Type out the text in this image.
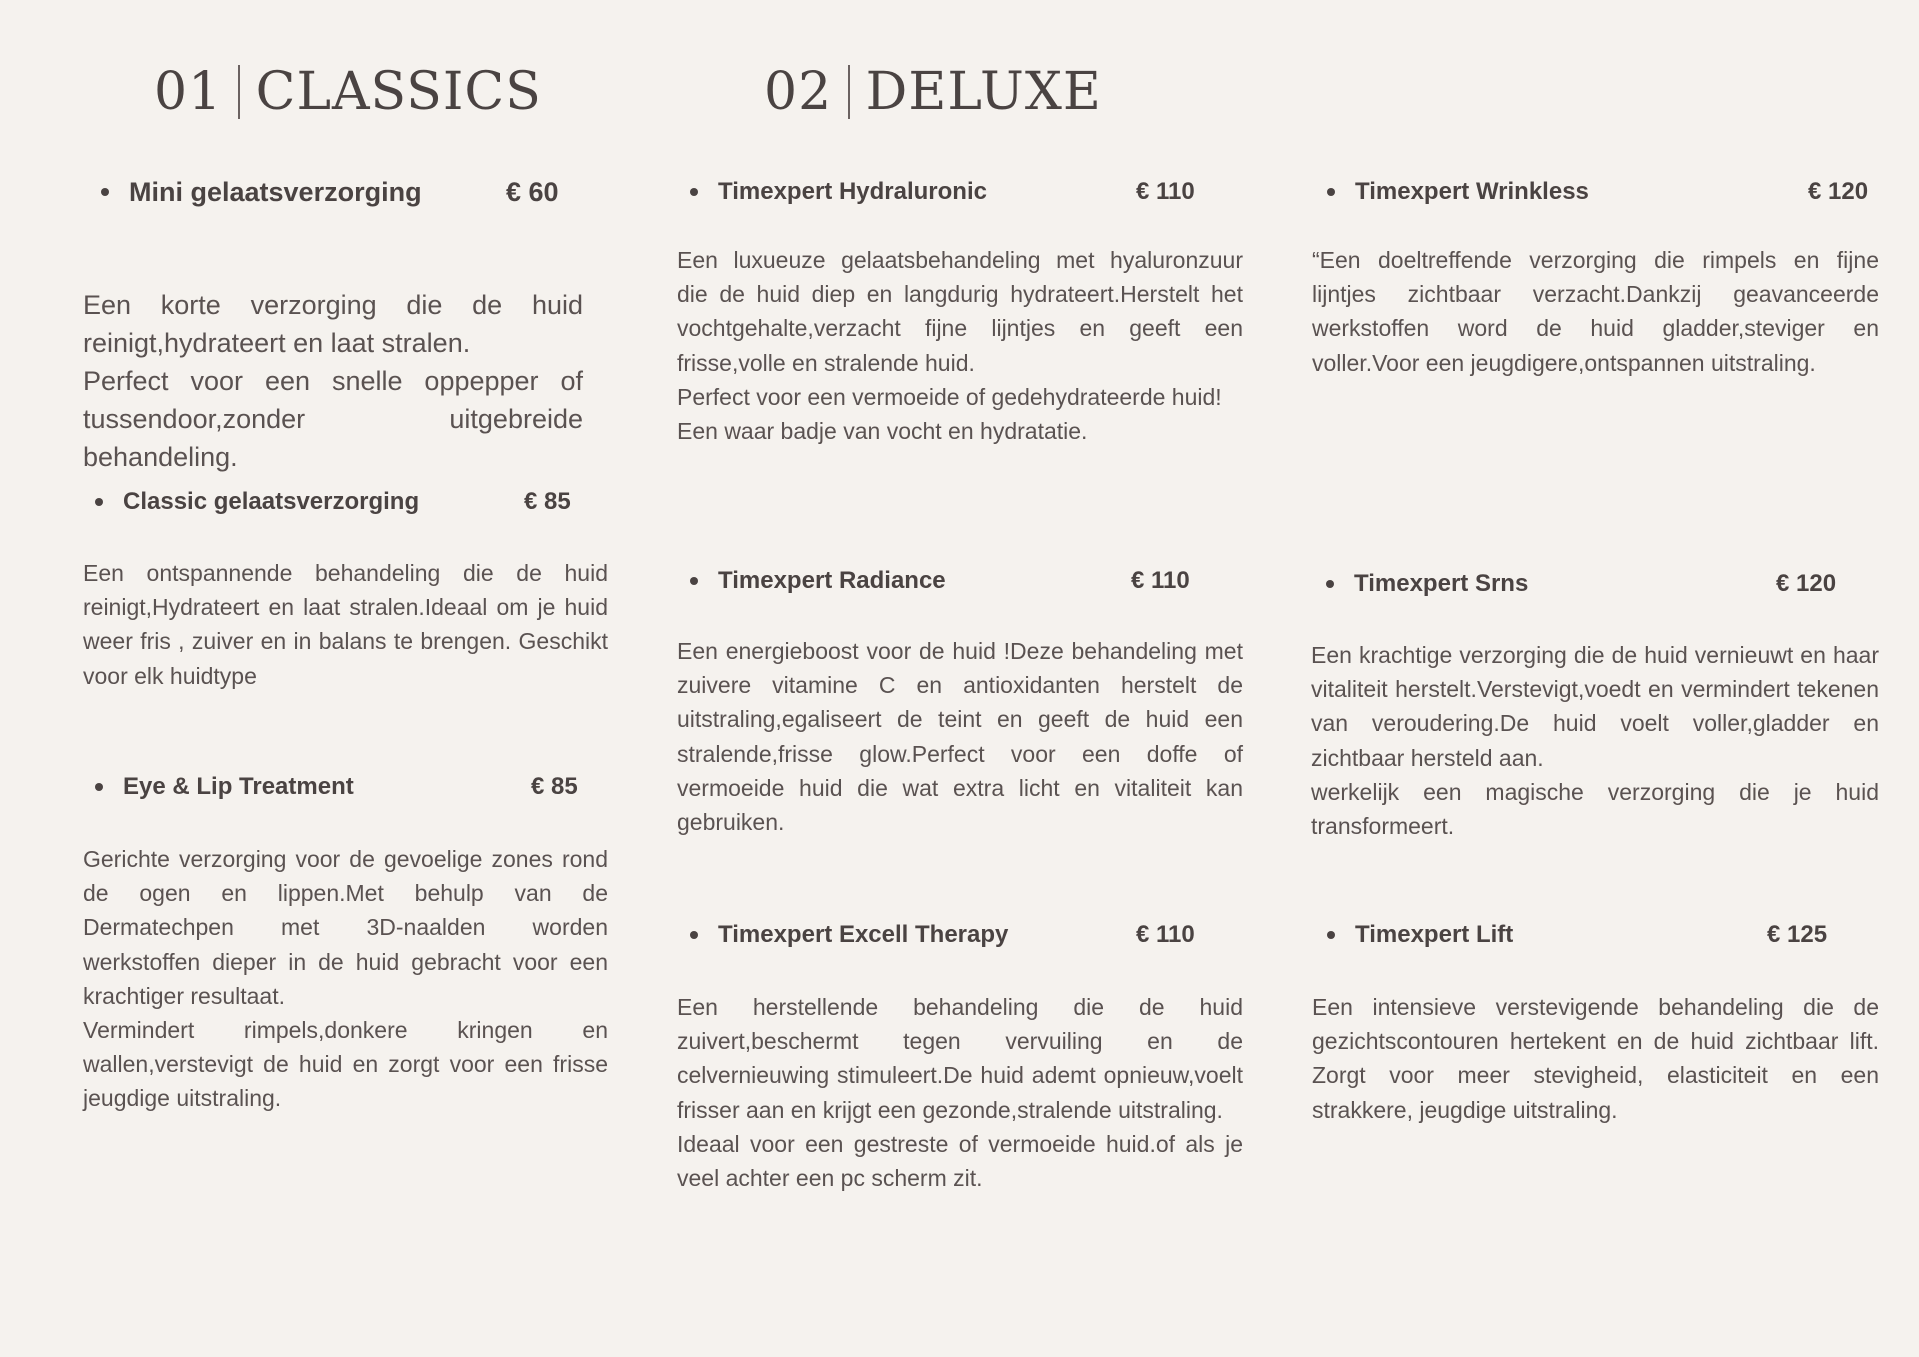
01 CLASSICS	02 DELUXE
Mini gelaatsverzorging	€ 60

Een korte verzorging die de huid reinigt,hydrateert en laat stralen.

Perfect voor een snelle oppepper of tussendoor,zonder uitgebreide behandeling.

Classic gelaatsverzorging	€ 85

Een ontspannende behandeling die de huid reinigt,Hydrateert en laat stralen.Ideaal om je huid weer fris , zuiver en in balans te brengen. Geschikt voor elk huidtype

Eye & Lip Treatment	€ 85

Gerichte verzorging voor de gevoelige zones rond de ogen en lippen.Met behulp van de Dermatechpen met 3D-naalden worden werkstoffen dieper in de huid gebracht voor een krachtiger resultaat.

Vermindert rimpels,donkere kringen en wallen,verstevigt de huid en zorgt voor een frisse jeugdige uitstraling.

Timexpert Hydraluronic	€ 110

Een luxueuze gelaatsbehandeling met hyaluronzuur die de huid diep en langdurig hydrateert.Herstelt het vochtgehalte,verzacht fijne lijntjes en geeft een frisse,volle en stralende huid.

Perfect voor een vermoeide of gedehydrateerde huid!

Een waar badje van vocht en hydratatie.

Timexpert Radiance	€ 110

Een energieboost voor de huid !Deze behandeling met zuivere vitamine C en antioxidanten herstelt de uitstraling,egaliseert de teint en geeft de huid een stralende,frisse glow.Perfect voor een doffe of vermoeide huid die wat extra licht en vitaliteit kan gebruiken.

Timexpert Excell Therapy	€ 110

Een herstellende behandeling die de huid zuivert,beschermt tegen vervuiling en de celvernieuwing stimuleert.De huid ademt opnieuw,voelt frisser aan en krijgt een gezonde,stralende uitstraling.

Ideaal voor een gestreste of vermoeide huid.of als je veel achter een pc scherm zit.

Timexpert Wrinkless	€ 120

“Een doeltreffende verzorging die rimpels en fijne lijntjes zichtbaar verzacht.Dankzij geavanceerde werkstoffen word de huid gladder,steviger en voller.Voor een jeugdigere,ontspannen uitstraling.

Timexpert Srns	€ 120

Een krachtige verzorging die de huid vernieuwt en haar vitaliteit herstelt.Verstevigt,voedt en vermindert tekenen van veroudering.De huid voelt voller,gladder en zichtbaar hersteld aan.

werkelijk een magische verzorging die je huid transformeert.

Timexpert Lift	€ 125

Een intensieve verstevigende behandeling die de gezichtscontouren hertekent en de huid zichtbaar lift. Zorgt voor meer stevigheid, elasticiteit en een strakkere, jeugdige uitstraling.
